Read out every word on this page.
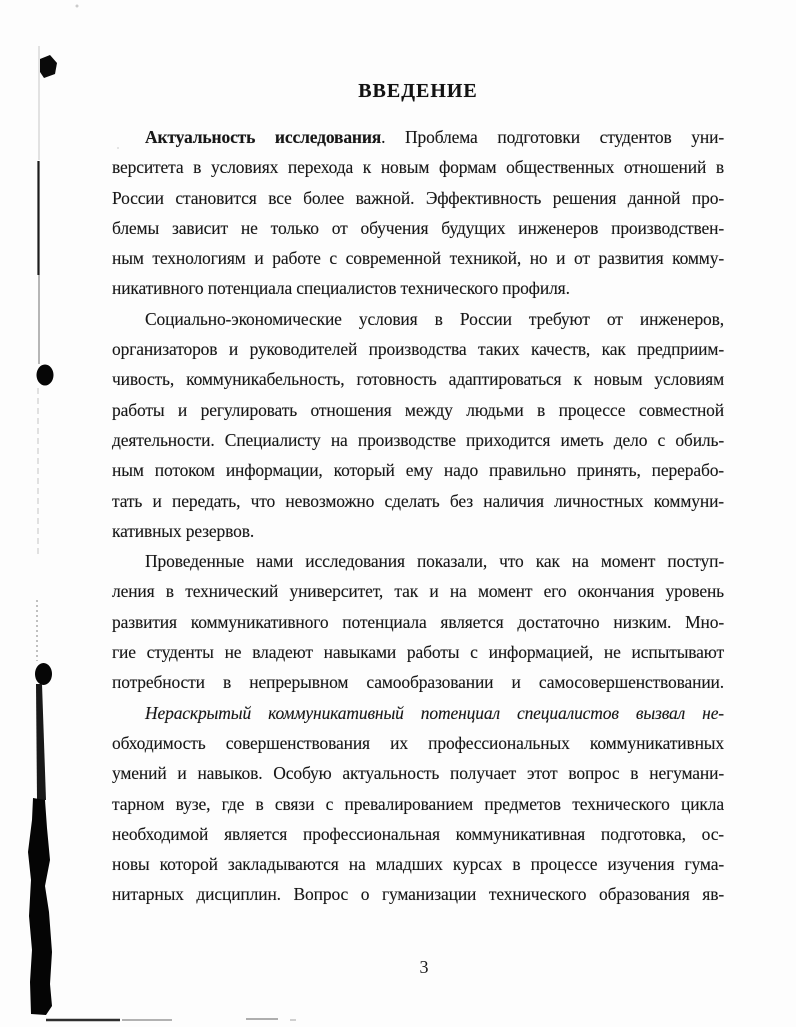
ВВЕДЕНИЕ
Актуальность исследования. Проблема подготовки студентов уни-
верситета в условиях перехода к новым формам общественных отношений в
России становится все более важной. Эффективность решения данной про-
блемы зависит не только от обучения будущих инженеров производствен-
ным технологиям и работе с современной техникой, но и от развития комму-
никативного потенциала специалистов технического профиля.
Социально-экономические условия в России требуют от инженеров,
организаторов и руководителей производства таких качеств, как предприим-
чивость, коммуникабельность, готовность адаптироваться к новым условиям
работы и регулировать отношения между людьми в процессе совместной
деятельности. Специалисту на производстве приходится иметь дело с обиль-
ным потоком информации, который ему надо правильно принять, перерабо-
тать и передать, что невозможно сделать без наличия личностных коммуни-
кативных резервов.
Проведенные нами исследования показали, что как на момент поступ-
ления в технический университет, так и на момент его окончания уровень
развития коммуникативного потенциала является достаточно низким. Мно-
гие студенты не владеют навыками работы с информацией, не испытывают
потребности в непрерывном самообразовании и самосовершенствовании.
Нераскрытый коммуникативный потенциал специалистов вызвал не-
обходимость совершенствования их профессиональных коммуникативных
умений и навыков. Особую актуальность получает этот вопрос в негумани-
тарном вузе, где в связи с превалированием предметов технического цикла
необходимой является профессиональная коммуникативная подготовка, ос-
новы которой закладываются на младших курсах в процессе изучения гума-
нитарных дисциплин. Вопрос о гуманизации технического образования яв-
3
